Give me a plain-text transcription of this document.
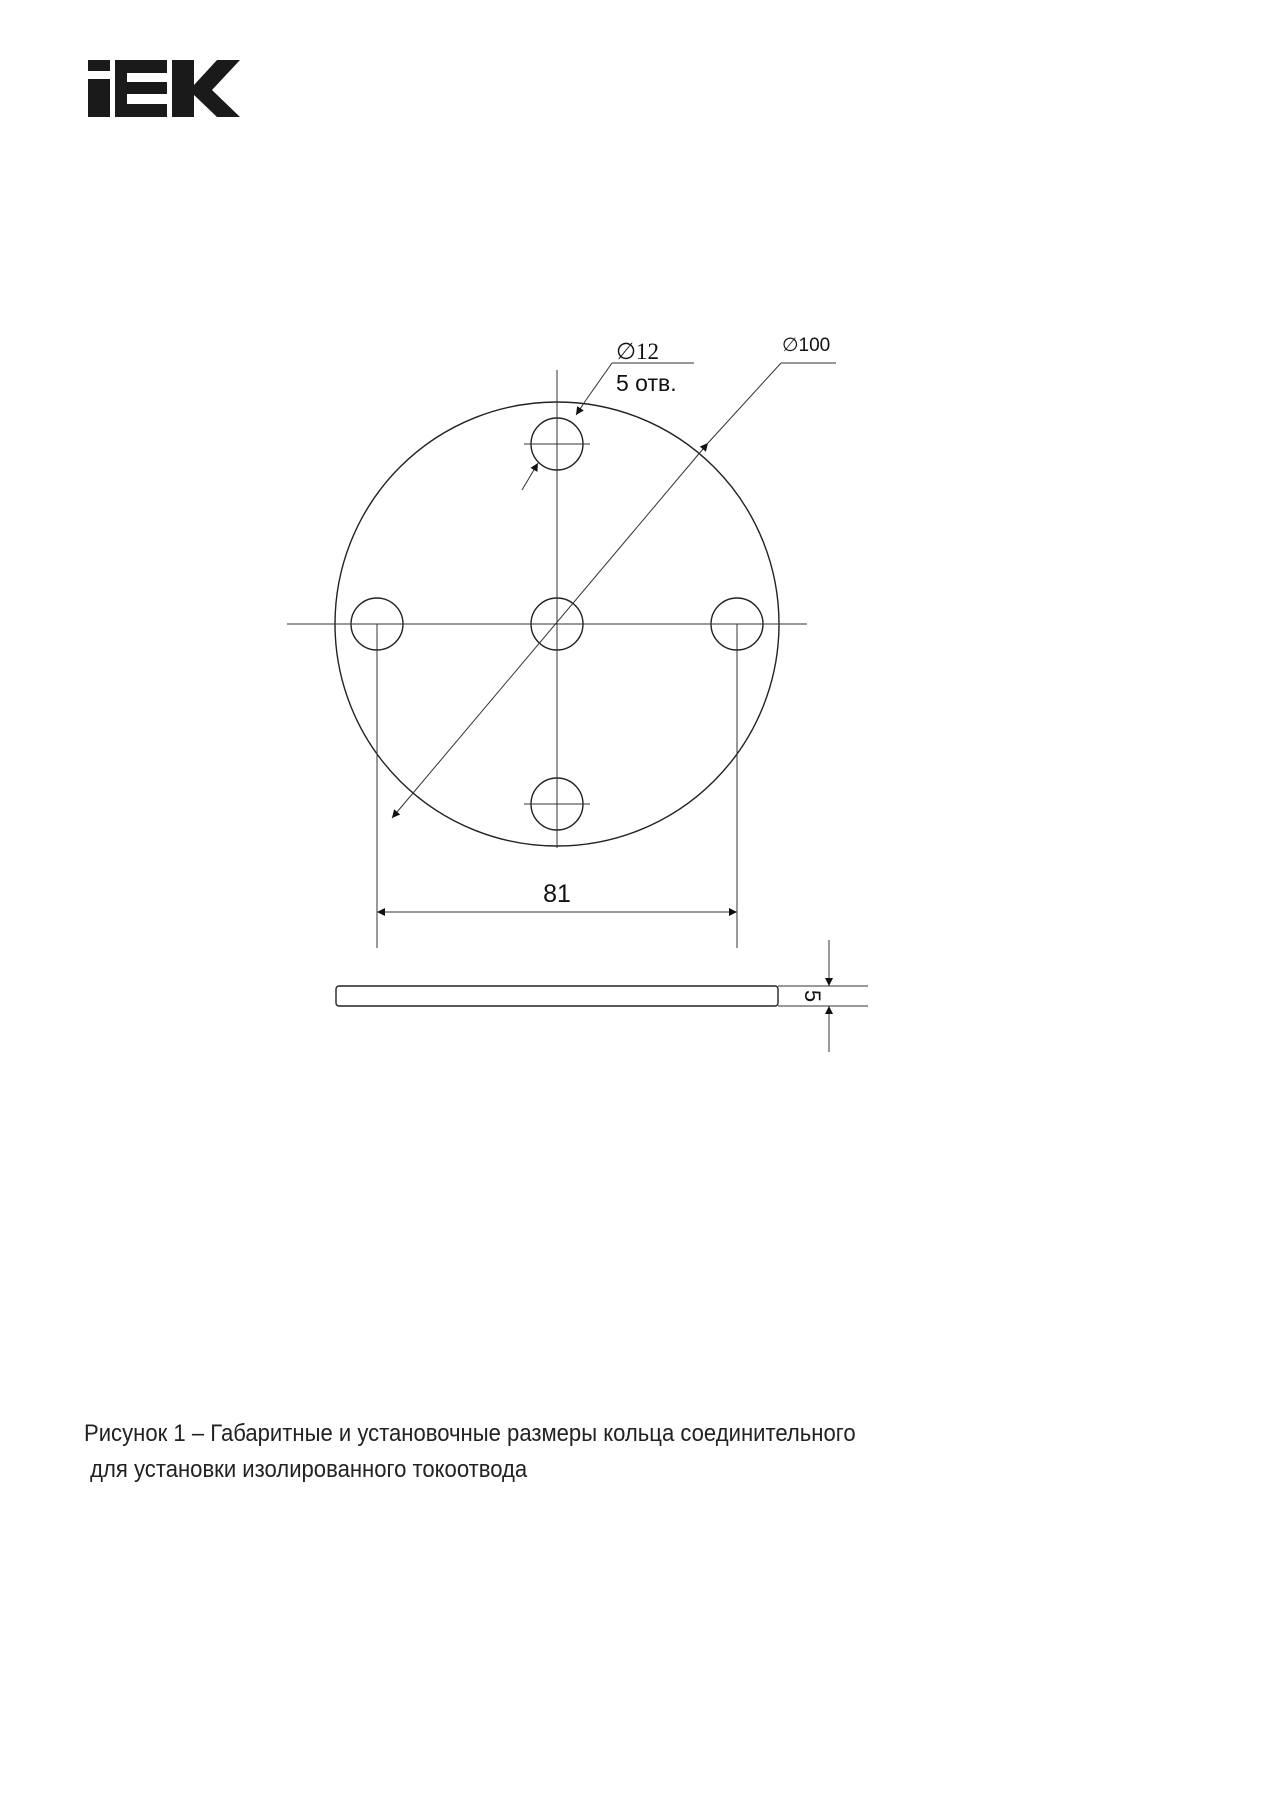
∅100
∅12
5 отв.
81
5
Рисунок 1 – Габаритные и установочные размеры кольца соединительного
для установки изолированного токоотвода
